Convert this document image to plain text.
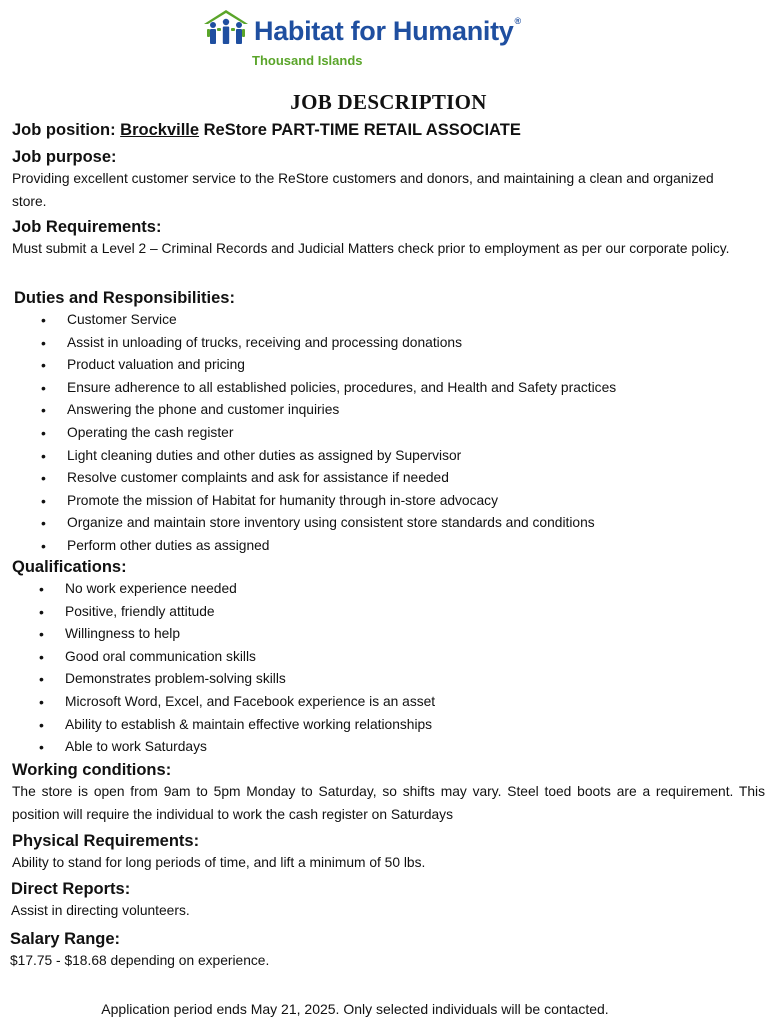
Habitat for Humanity®
Thousand Islands
JOB DESCRIPTION

Job position: Brockville ReStore PART-TIME RETAIL ASSOCIATE

Job purpose:

Providing excellent customer service to the ReStore customers and donors, and maintaining a clean and organized store.

Job Requirements:

Must submit a Level 2 – Criminal Records and Judicial Matters check prior to employment as per our corporate policy.

Duties and Responsibilities:

• Customer Service
• Assist in unloading of trucks, receiving and processing donations
• Product valuation and pricing
• Ensure adherence to all established policies, procedures, and Health and Safety practices
• Answering the phone and customer inquiries
• Operating the cash register
• Light cleaning duties and other duties as assigned by Supervisor
• Resolve customer complaints and ask for assistance if needed
• Promote the mission of Habitat for humanity through in-store advocacy
• Organize and maintain store inventory using consistent store standards and conditions
• Perform other duties as assigned

Qualifications:

• No work experience needed
• Positive, friendly attitude
• Willingness to help
• Good oral communication skills
• Demonstrates problem-solving skills
• Microsoft Word, Excel, and Facebook experience is an asset
• Ability to establish & maintain effective working relationships
• Able to work Saturdays

Working conditions:

The store is open from 9am to 5pm Monday to Saturday, so shifts may vary. Steel toed boots are a requirement. This position will require the individual to work the cash register on Saturdays

Physical Requirements:

Ability to stand for long periods of time, and lift a minimum of 50 lbs.

Direct Reports:

Assist in directing volunteers.

Salary Range:

$17.75 - $18.68 depending on experience.

Application period ends May 21, 2025. Only selected individuals will be contacted.
